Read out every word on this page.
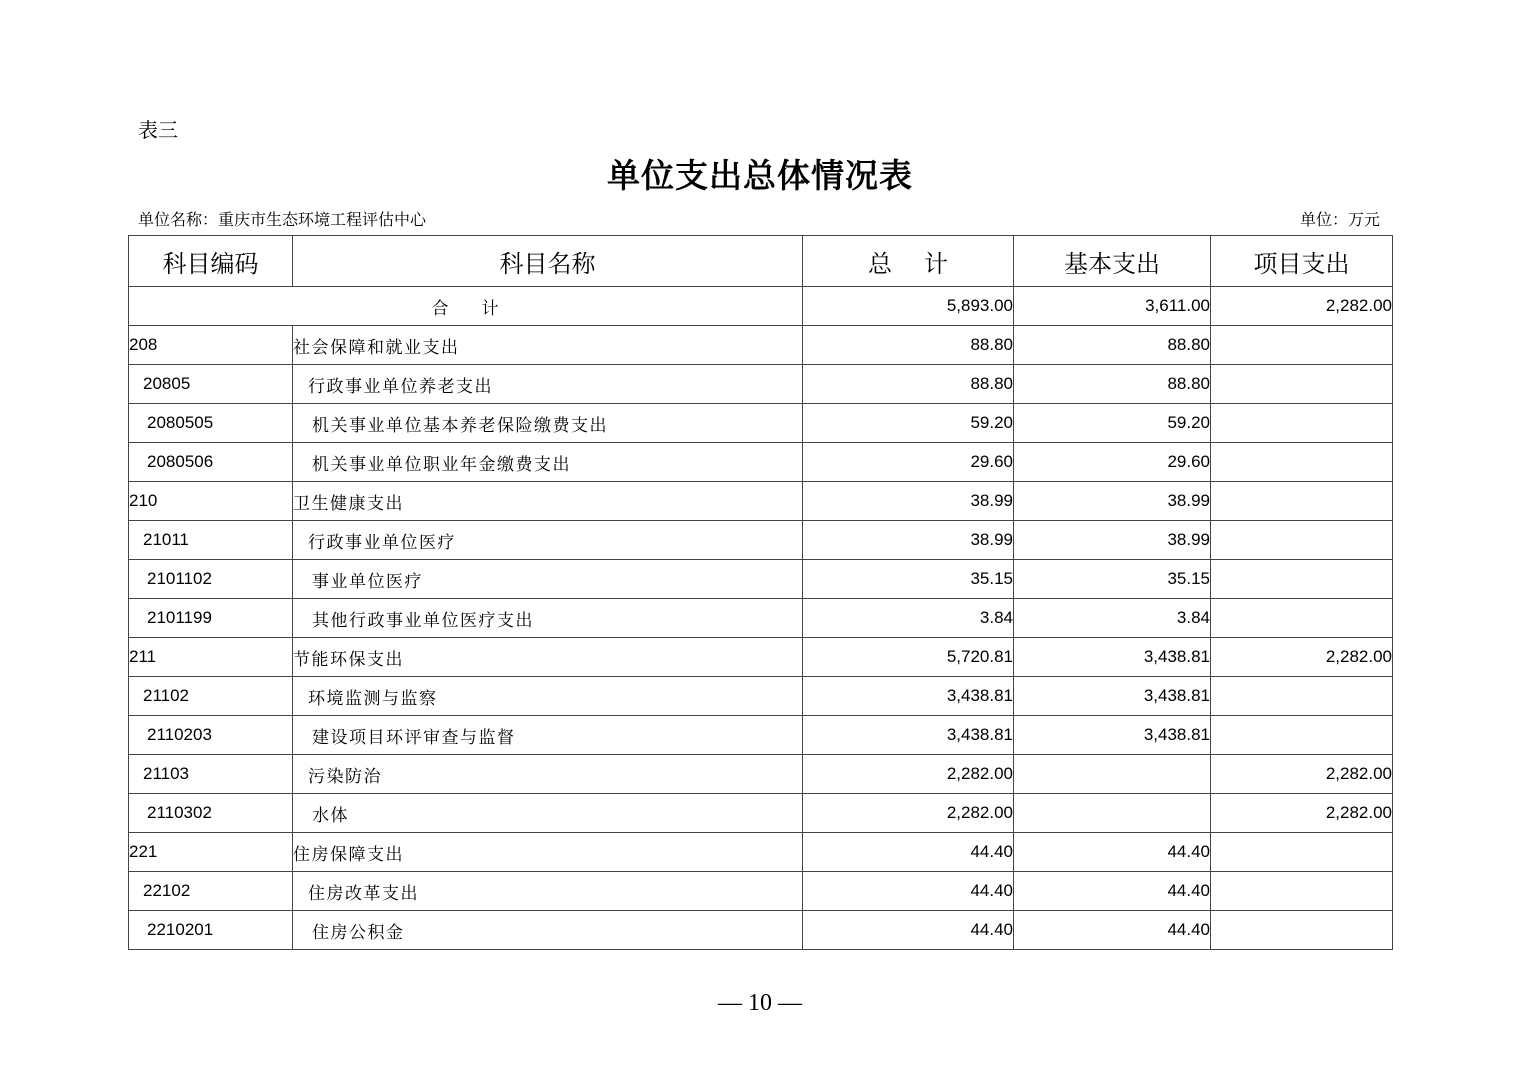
表三
单位支出总体情况表
单位名称：重庆市生态环境工程评估中心	单位：万元
科目编码	科目名称	总 计	基本支出	项目支出
合 计		5,893.00	3,611.00	2,282.00
208	社会保障和就业支出	88.80	88.80	
20805	行政事业单位养老支出	88.80	88.80	
2080505	机关事业单位基本养老保险缴费支出	59.20	59.20	
2080506	机关事业单位职业年金缴费支出	29.60	29.60	
210	卫生健康支出	38.99	38.99	
21011	行政事业单位医疗	38.99	38.99	
2101102	事业单位医疗	35.15	35.15	
2101199	其他行政事业单位医疗支出	3.84	3.84	
211	节能环保支出	5,720.81	3,438.81	2,282.00
21102	环境监测与监察	3,438.81	3,438.81	
2110203	建设项目环评审查与监督	3,438.81	3,438.81	
21103	污染防治	2,282.00		2,282.00
2110302	水体	2,282.00		2,282.00
221	住房保障支出	44.40	44.40	
22102	住房改革支出	44.40	44.40	
2210201	住房公积金	44.40	44.40	
— 10 —
